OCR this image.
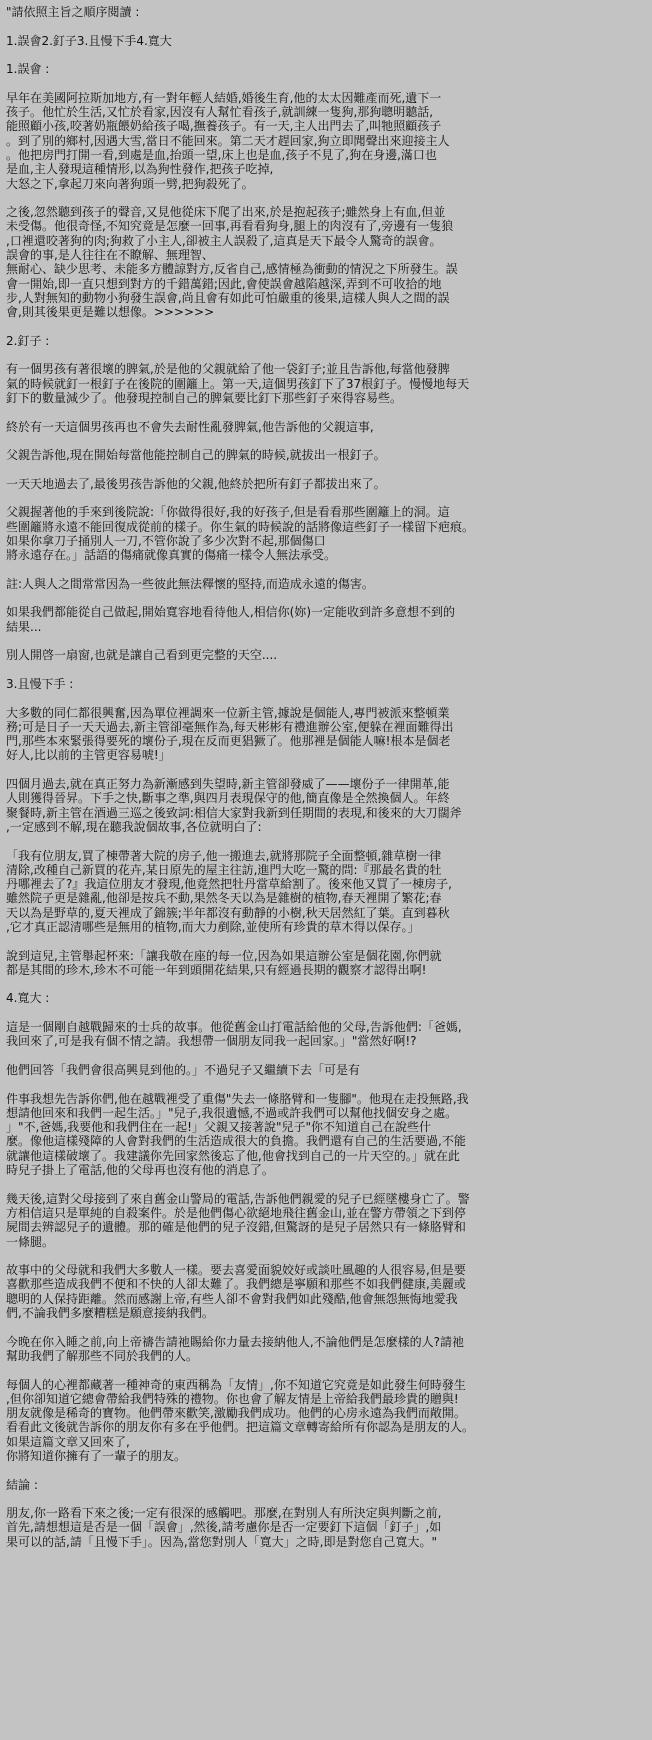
"請依照主旨之順序閱讀 :
1.誤會2.釘子3.且慢下手4.寬大
1.誤會 :
早年在美國阿拉斯加地方,有一對年輕人結婚,婚後生育,他的太太因難產而死,遺下一
孩子。他忙於生活,又忙於看家,因沒有人幫忙看孩子,就訓練一隻狗,那狗聰明聽話,
能照顧小孩,咬著奶瓶餵奶給孩子喝,撫養孩子。有一天,主人出門去了,叫牠照顧孩子
。到了別的鄉村,因遇大雪,當日不能回來。第二天才趕回家,狗立即聞聲出來迎接主人
。他把房門打開一看,到處是血,抬頭一望,床上也是血,孩子不見了,狗在身邊,滿口也
是血,主人發現這種情形,以為狗性發作,把孩子吃掉,
大怒之下,拿起刀來向著狗頭一劈,把狗殺死了。
之後,忽然聽到孩子的聲音,又見他從床下爬了出來,於是抱起孩子;雖然身上有血,但並
未受傷。他很奇怪,不知究竟是怎麼一回事,再看看狗身,腿上的肉沒有了,旁邊有一隻狼
,口裡還咬著狗的肉;狗救了小主人,卻被主人誤殺了,這真是天下最令人驚奇的誤會。
誤會的事,是人往往在不瞭解、無理智、
無耐心、缺少思考、未能多方體諒對方,反省自己,感情極為衝動的情況之下所發生。誤
會一開始,即一直只想到對方的千錯萬錯;因此,會使誤會越陷越深,弄到不可收拾的地
步,人對無知的動物小狗發生誤會,尚且會有如此可怕嚴重的後果,這樣人與人之間的誤
會,則其後果更是難以想像。>>>>>>
2.釘子 :
有一個男孩有著很壞的脾氣,於是他的父親就給了他一袋釘子;並且告訴他,每當他發脾
氣的時候就釘一根釘子在後院的圍籬上。第一天,這個男孩釘下了37根釘子。慢慢地每天
釘下的數量減少了。他發現控制自己的脾氣要比釘下那些釘子來得容易些。
終於有一天這個男孩再也不會失去耐性亂發脾氣,他告訴他的父親這事,
父親告訴他,現在開始每當他能控制自己的脾氣的時候,就拔出一根釘子。
一天天地過去了,最後男孩告訴他的父親,他終於把所有釘子都拔出來了。
父親握著他的手來到後院說:「你做得很好,我的好孩子,但是看看那些圍籬上的洞。這
些圍籬將永遠不能回復成從前的樣子。你生氣的時候說的話將像這些釘子一樣留下疤痕。
如果你拿刀子捅別人一刀,不管你說了多少次對不起,那個傷口
將永遠存在。」話語的傷痛就像真實的傷痛一樣令人無法承受。
註:人與人之間常常因為一些彼此無法釋懷的堅持,而造成永遠的傷害。
如果我們都能從自己做起,開始寬容地看待他人,相信你(妳)一定能收到許多意想不到的
結果...
別人開啓一扇窗,也就是讓自己看到更完整的天空....
3.且慢下手 :
大多數的同仁都很興奮,因為單位裡調來一位新主管,據說是個能人,專門被派來整頓業
務;可是日子一天天過去,新主管卻毫無作為,每天彬彬有禮進辦公室,便躲在裡面難得出
門,那些本來緊張得要死的壞份子,現在反而更猖獗了。他那裡是個能人嘛!根本是個老
好人,比以前的主管更容易唬!」
四個月過去,就在真正努力為新漸感到失望時,新主管卻發威了——壞份子一律開革,能
人則獲得晉昇。下手之快,斷事之準,與四月表現保守的他,簡直像是全然換個人。年終
聚餐時,新主管在酒過三巡之後致詞:相信大家對我新到任期間的表現,和後來的大刀闊斧
,一定感到不解,現在聽我說個故事,各位就明白了:
「我有位朋友,買了棟帶著大院的房子,他一搬進去,就將那院子全面整頓,雜草樹一律
清除,改種自己新買的花卉,某日原先的屋主往訪,進門大吃一驚的問:『那最名貴的牡
丹哪裡去了?』我這位朋友才發現,他竟然把牡丹當草給割了。後來他又買了一棟房子,
雖然院子更是雜亂,他卻是按兵不動,果然冬天以為是雜樹的植物,春天裡開了繁花;春
天以為是野草的,夏天裡成了錦簇;半年都沒有動靜的小樹,秋天居然紅了葉。直到暮秋
,它才真正認清哪些是無用的植物,而大力剷除,並使所有珍貴的草木得以保存。」
說到這兒,主管舉起杯來:「讓我敬在座的每一位,因為如果這辦公室是個花園,你們就
都是其間的珍木,珍木不可能一年到頭開花結果,只有經過長期的觀察才認得出啊!
4.寬大 :
這是一個剛自越戰歸來的士兵的故事。他從舊金山打電話給他的父母,告訴他們:「爸媽,
我回來了,可是我有個不情之請。我想帶一個朋友同我一起回家。」"當然好啊!?
他們回答「我們會很高興見到他的。」不過兒子又繼續下去「可是有
件事我想先告訴你們,他在越戰裡受了重傷"失去一條胳臂和一隻腳"。他現在走投無路,我
想請他回來和我們一起生活。」"兒子,我很遺憾,不過或許我們可以幫他找個安身之處。
」"不,爸媽,我要他和我們住在一起!」父親又接著說"兒子"你不知道自己在說些什
麼。像他這樣殘障的人會對我們的生活造成很大的負擔。我們還有自己的生活要過,不能
就讓他這樣破壞了。我建議你先回家然後忘了他,他會找到自己的一片天空的。」就在此
時兒子掛上了電話,他的父母再也沒有他的消息了。
幾天後,這對父母接到了來自舊金山警局的電話,告訴他們親愛的兒子已經墜樓身亡了。警
方相信這只是單純的自殺案件。於是他們傷心欲絕地飛往舊金山,並在警方帶領之下到停
屍間去辨認兒子的遺體。那的確是他們的兒子沒錯,但驚訝的是兒子居然只有一條胳臂和
一條腿。
故事中的父母就和我們大多數人一樣。要去喜愛面貌姣好或談吐風趣的人很容易,但是要
喜歡那些造成我們不便和不快的人卻太難了。我們總是寧願和那些不如我們健康,美麗或
聰明的人保持距離。然而感謝上帝,有些人卻不會對我們如此殘酷,他會無怨無悔地愛我
們,不論我們多麼糟糕是願意接納我們。
今晚在你入睡之前,向上帝禱告請祂賜給你力量去接納他人,不論他們是怎麼樣的人?請祂
幫助我們了解那些不同於我們的人。
每個人的心裡都藏著一種神奇的東西稱為「友情」,你不知道它究竟是如此發生何時發生
,但你卻知道它總會帶給我們特殊的禮物。你也會了解友情是上帝給我們最珍貴的贈與!
朋友就像是稀奇的寶物。他們帶來歡笑,激勵我們成功。他們的心房永遠為我們而敞開。
看看此文後就告訴你的朋友你有多在乎他們。把這篇文章轉寄給所有你認為是朋友的人。
如果這篇文章又回來了,
你將知道你擁有了一輩子的朋友。
結論 :
朋友,你一路看下來之後;一定有很深的感觸吧。那麼,在對別人有所決定與判斷之前,
首先,請想想這是否是一個「誤會」,然後,請考慮你是否一定要釘下這個「釘子」,如
果可以的話,請「且慢下手」。因為,當您對別人「寬大」之時,即是對您自己寬大。"
